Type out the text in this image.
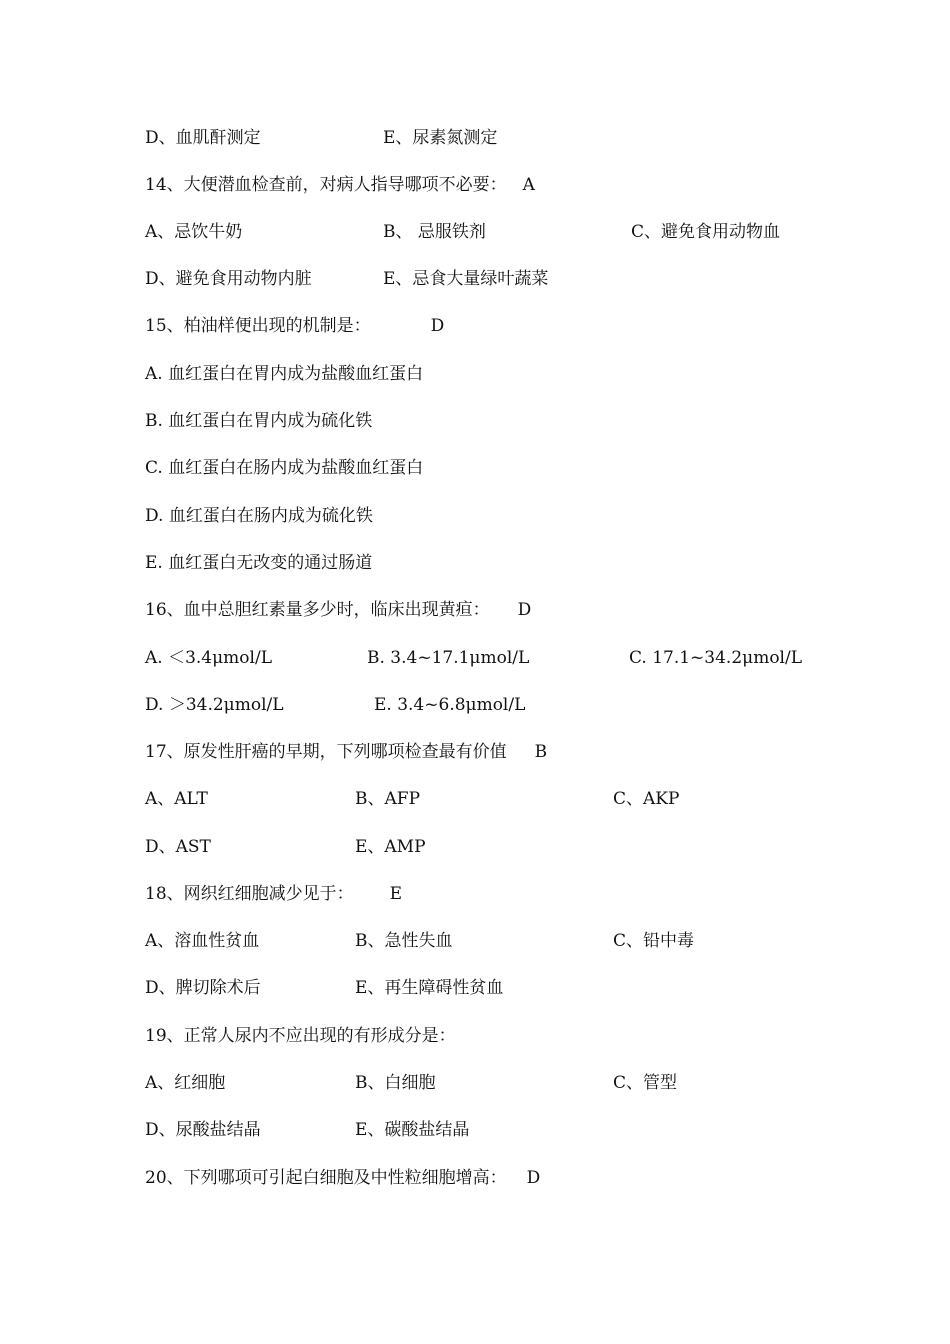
D、血肌酐测定	E、尿素氮测定
14、大便潜血检查前，对病人指导哪项不必要： A
A、忌饮牛奶	B、 忌服铁剂	C、避免食用动物血
D、避免食用动物内脏	E、忌食大量绿叶蔬菜
15、柏油样便出现的机制是：	D
A. 血红蛋白在胃内成为盐酸血红蛋白
B. 血红蛋白在胃内成为硫化铁
C. 血红蛋白在肠内成为盐酸血红蛋白
D. 血红蛋白在肠内成为硫化铁
E. 血红蛋白无改变的通过肠道
16、血中总胆红素量多少时，临床出现黄疸： D
A. ＜3.4μmol/L	B. 3.4~17.1μmol/L	C. 17.1~34.2μmol/L
D. ＞34.2μmol/L	E. 3.4~6.8μmol/L
17、原发性肝癌的早期，下列哪项检查最有价值 B
A、ALT	B、AFP	C、AKP
D、AST	E、AMP
18、网织红细胞减少见于： E
A、溶血性贫血	B、急性失血	C、铅中毒
D、脾切除术后	E、再生障碍性贫血
19、正常人尿内不应出现的有形成分是：
A、红细胞	B、白细胞	C、管型
D、尿酸盐结晶	E、碳酸盐结晶
20、下列哪项可引起白细胞及中性粒细胞增高： D
